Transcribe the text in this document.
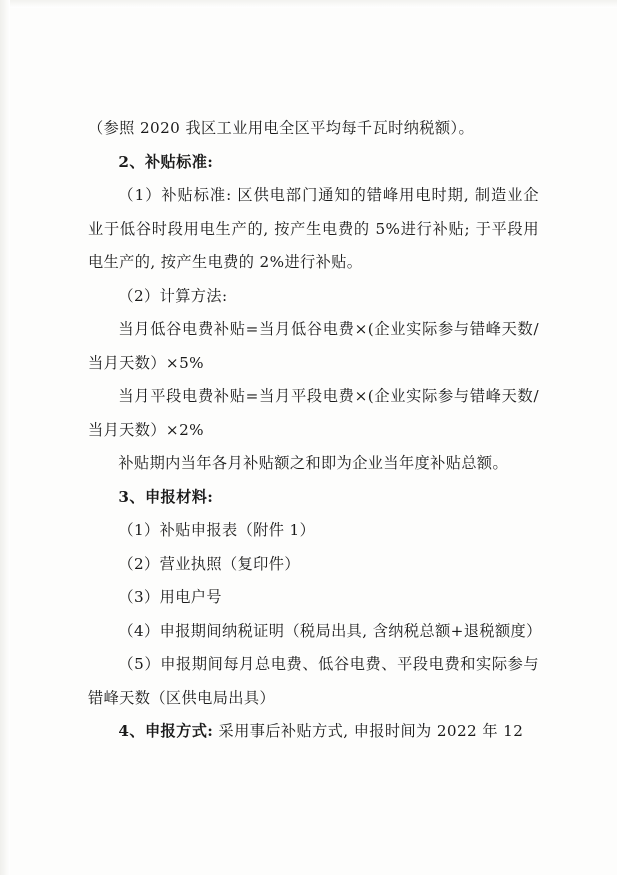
（参照 2020 我区工业用电全区平均每千瓦时纳税额）。

2、补贴标准:

（1）补贴标准: 区供电部门通知的错峰用电时期, 制造业企业于低谷时段用电生产的, 按产生电费的 5%进行补贴; 于平段用电生产的, 按产生电费的 2%进行补贴。

（2）计算方法:

当月低谷电费补贴=当月低谷电费×(企业实际参与错峰天数/当月天数）×5%

当月平段电费补贴=当月平段电费×(企业实际参与错峰天数/当月天数）×2%

补贴期内当年各月补贴额之和即为企业当年度补贴总额。

3、申报材料:

（1）补贴申报表（附件 1）

（2）营业执照（复印件）

（3）用电户号

（4）申报期间纳税证明（税局出具, 含纳税总额+退税额度）

（5）申报期间每月总电费、低谷电费、平段电费和实际参与错峰天数（区供电局出具）

4、申报方式: 采用事后补贴方式, 申报时间为 2022 年 12
